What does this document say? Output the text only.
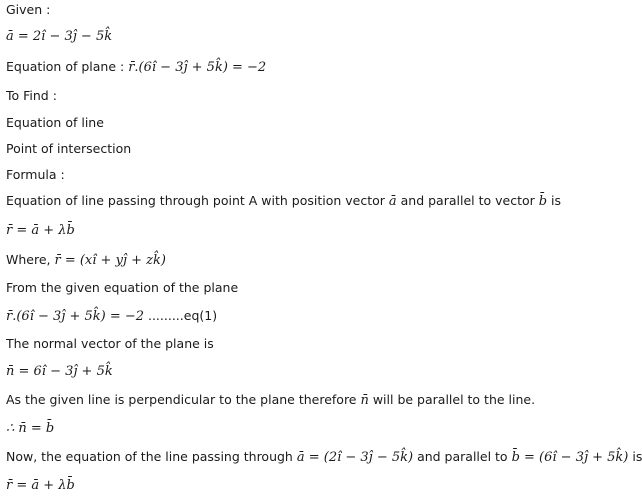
Given :
ā = 2î − 3ĵ − 5k̂
Equation of plane : r̄.(6î − 3ĵ + 5k̂) = −2
To Find :
Equation of line
Point of intersection
Formula :
Equation of line passing through point A with position vector ā and parallel to vector b̄ is
r̄ = ā + λb̄
Where, r̄ = (xî + yĵ + zk̂)
From the given equation of the plane
r̄.(6î − 3ĵ + 5k̂) = −2 .........eq(1)
The normal vector of the plane is
n̄ = 6î − 3ĵ + 5k̂
As the given line is perpendicular to the plane therefore n̄ will be parallel to the line.
∴ n̄ = b̄
Now, the equation of the line passing through ā = (2î − 3ĵ − 5k̂) and parallel to b̄ = (6î − 3ĵ + 5k̂) is
r̄ = ā + λb̄
